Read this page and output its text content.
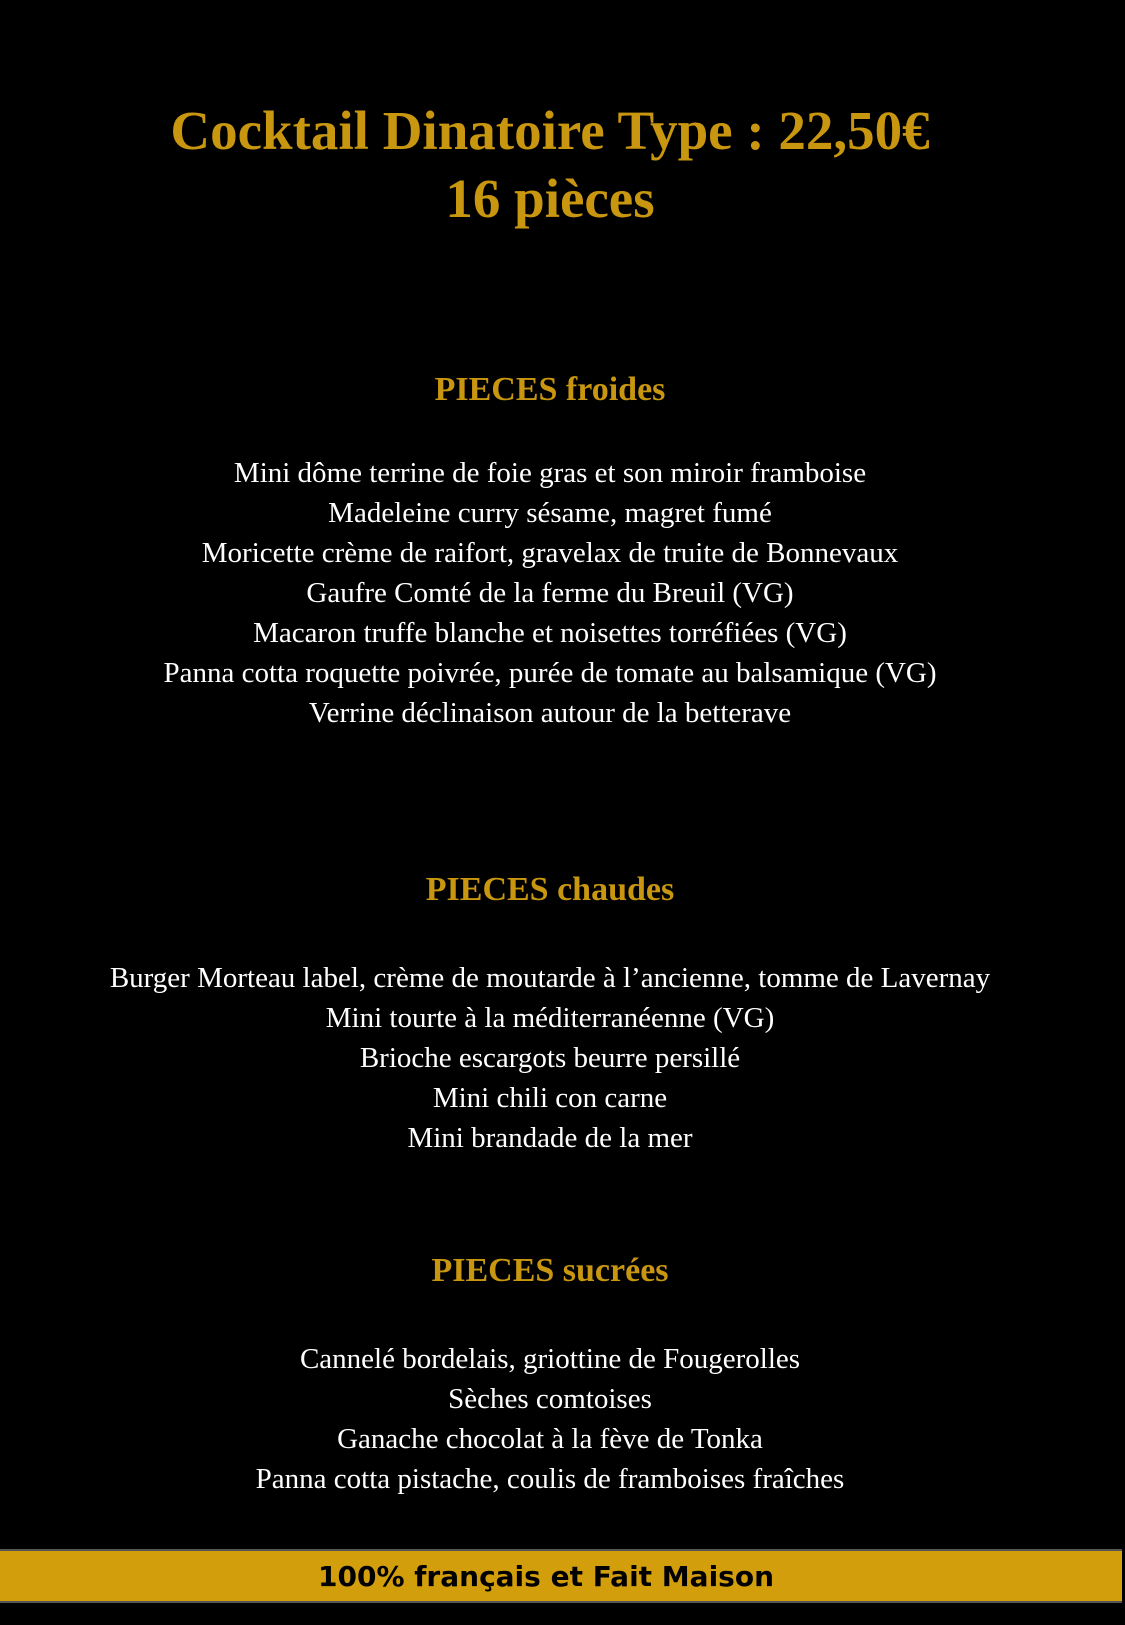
Cocktail Dinatoire Type : 22,50€
16 pièces
PIECES froides
Mini dôme terrine de foie gras et son miroir framboise
Madeleine curry sésame, magret fumé
Moricette crème de raifort, gravelax de truite de Bonnevaux
Gaufre Comté de la ferme du Breuil (VG)
Macaron truffe blanche et noisettes torréfiées (VG)
Panna cotta roquette poivrée, purée de tomate au balsamique (VG)
Verrine déclinaison autour de la betterave
PIECES chaudes
Burger Morteau label, crème de moutarde à l’ancienne, tomme de Lavernay
Mini tourte à la méditerranéenne (VG)
Brioche escargots beurre persillé
Mini chili con carne
Mini brandade de la mer
PIECES sucrées
Cannelé bordelais, griottine de Fougerolles
Sèches comtoises
Ganache chocolat à la fève de Tonka
Panna cotta pistache, coulis de framboises fraîches
100% français et Fait Maison
